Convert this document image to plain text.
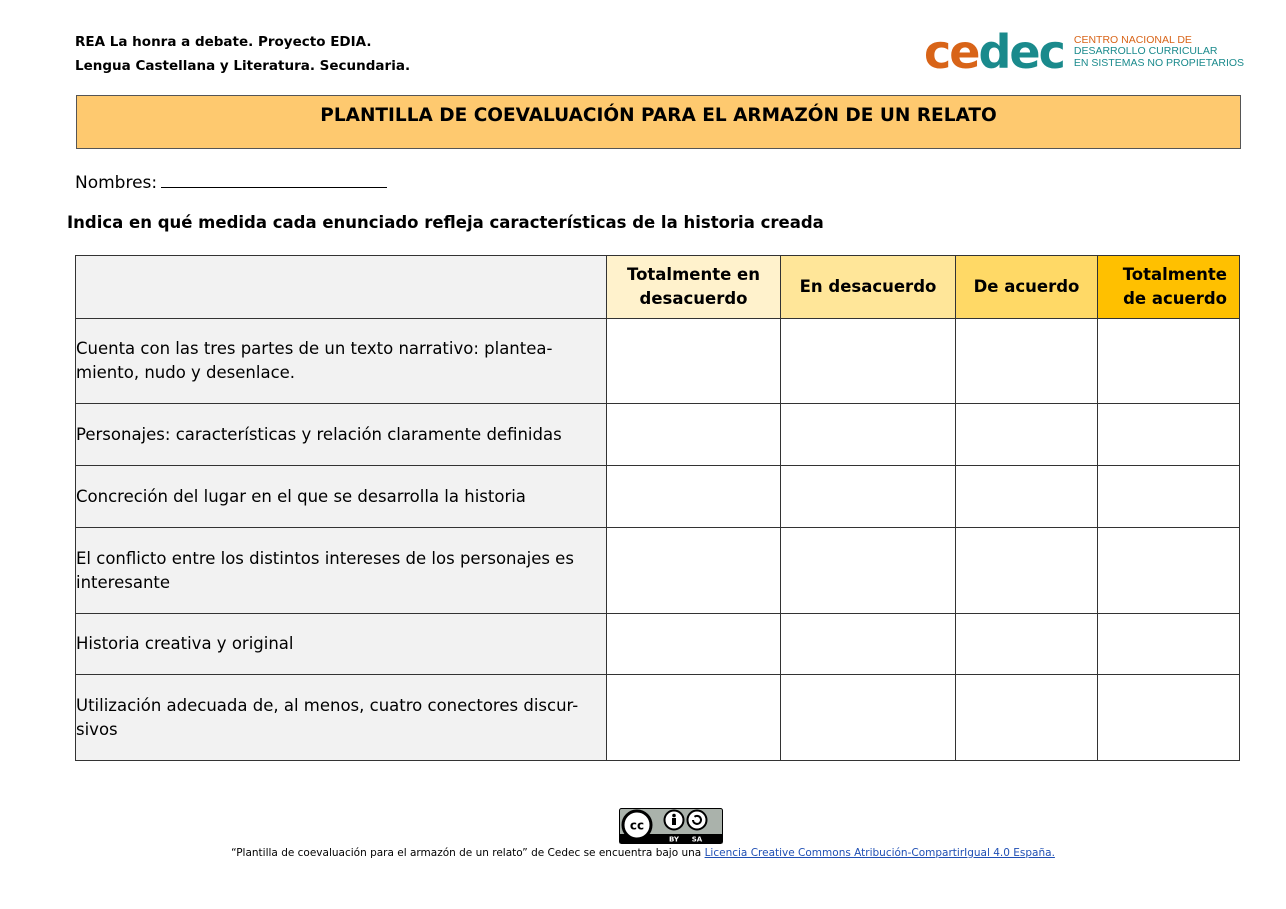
REA La honra a debate. Proyecto EDIA.
Lengua Castellana y Literatura. Secundaria.	cedec CENTRO NACIONAL DE
DESARROLLO CURRICULAR
EN SISTEMAS NO PROPIETARIOS
PLANTILLA DE COEVALUACIÓN PARA EL ARMAZÓN DE UN RELATO
Nombres:
Indica en qué medida cada enunciado refleja características de la historia creada
	Totalmente en desacuerdo	En desacuerdo	De acuerdo	Totalmente de acuerdo
Cuenta con las tres partes de un texto narrativo: plantea-miento, nudo y desenlace.				
Personajes: características y relación claramente definidas				
Concreción del lugar en el que se desarrolla la historia				
El conflicto entre los distintos intereses de los personajes es interesante				
Historia creativa y original				
Utilización adecuada de, al menos, cuatro conectores discur-sivos				
cc
BY SA
“Plantilla de coevaluación para el armazón de un relato” de Cedec se encuentra bajo una Licencia Creative Commons Atribución-CompartirIgual 4.0 España.
